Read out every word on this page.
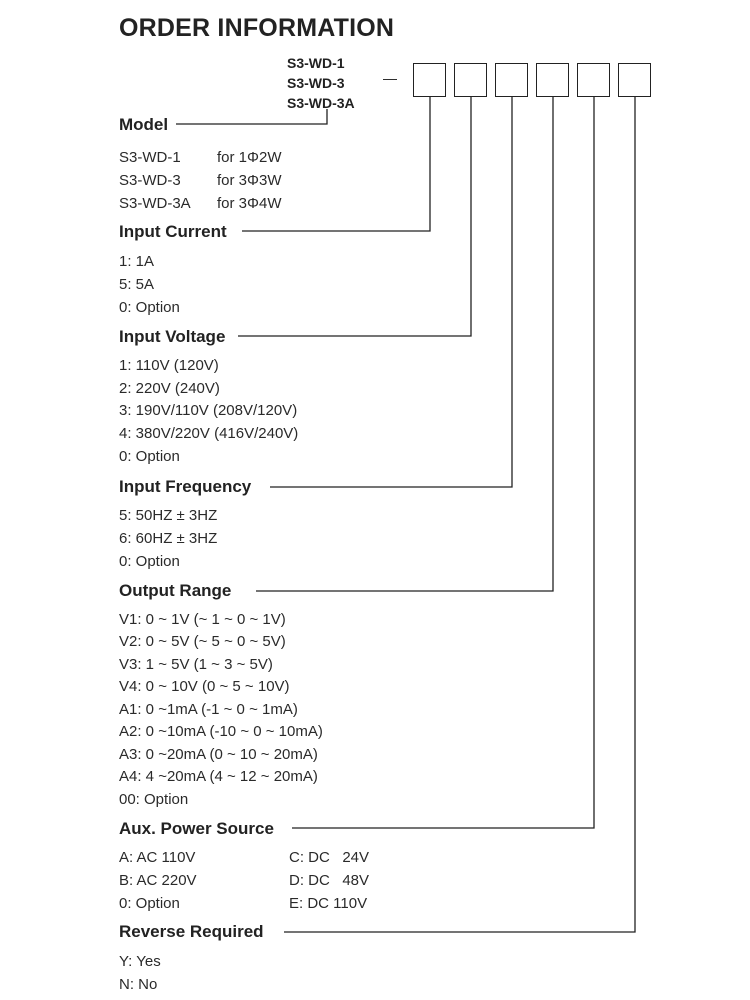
ORDER INFORMATION
S3-WD-1
S3-WD-3
S3-WD-3A
—
Model
S3-WD-1 for 1Φ2W
S3-WD-3 for 3Φ3W
S3-WD-3A for 3Φ4W
Input Current
1: 1A
5: 5A
0: Option
Input Voltage
1: 110V (120V)
2: 220V (240V)
3: 190V/110V (208V/120V)
4: 380V/220V (416V/240V)
0: Option
Input Frequency
5: 50HZ ± 3HZ
6: 60HZ ± 3HZ
0: Option
Output Range
V1: 0 ~ 1V (~ 1 ~ 0 ~ 1V)
V2: 0 ~ 5V (~ 5 ~ 0 ~ 5V)
V3: 1 ~ 5V (1 ~ 3 ~ 5V)
V4: 0 ~ 10V (0 ~ 5 ~ 10V)
A1: 0 ~1mA (-1 ~ 0 ~ 1mA)
A2: 0 ~10mA (-10 ~ 0 ~ 10mA)
A3: 0 ~20mA (0 ~ 10 ~ 20mA)
A4: 4 ~20mA (4 ~ 12 ~ 20mA)
00: Option
Aux. Power Source
A: AC 110V
B: AC 220V
0: Option
C: DC   24V
D: DC   48V
E: DC 110V
Reverse Required
Y: Yes
N: No
